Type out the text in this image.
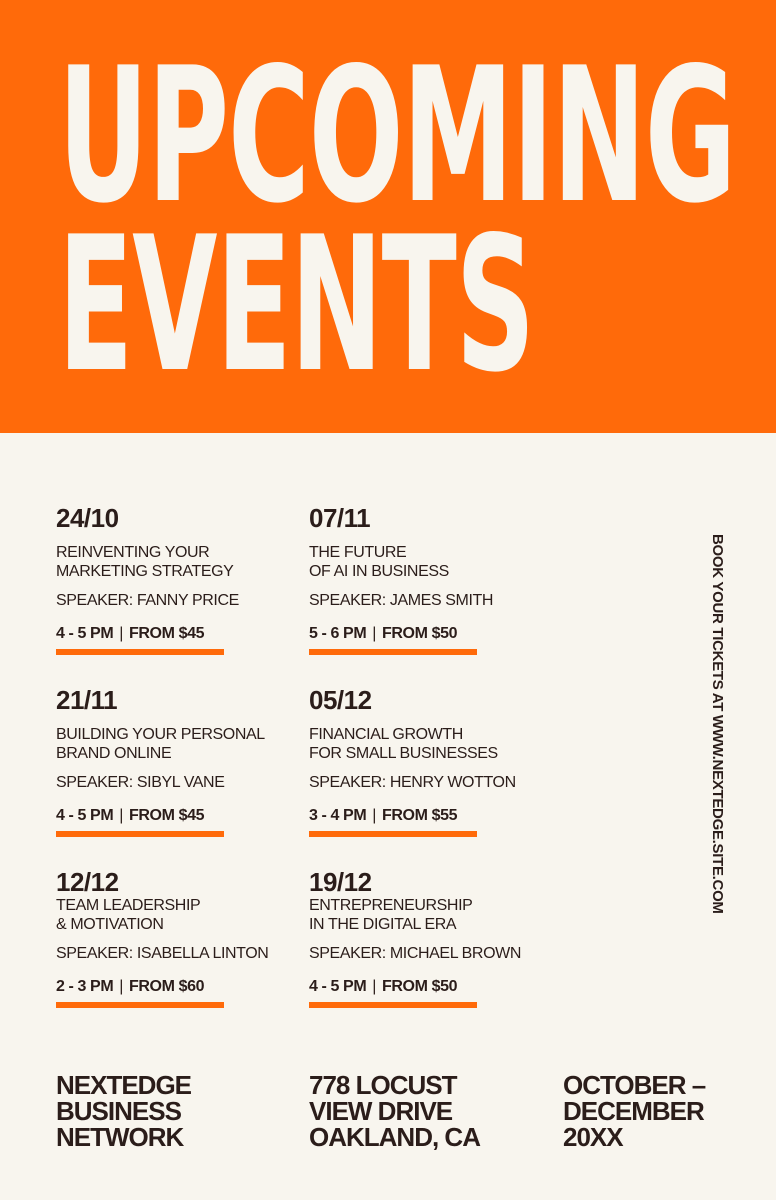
UPCOMING
EVENTS
24/10
REINVENTING YOUR
MARKETING STRATEGY
SPEAKER: FANNY PRICE
4 - 5 PM | FROM $45
07/11
THE FUTURE
OF AI IN BUSINESS
SPEAKER: JAMES SMITH
5 - 6 PM | FROM $50
21/11
BUILDING YOUR PERSONAL
BRAND ONLINE
SPEAKER: SIBYL VANE
4 - 5 PM | FROM $45
05/12
FINANCIAL GROWTH
FOR SMALL BUSINESSES
SPEAKER: HENRY WOTTON
3 - 4 PM | FROM $55
12/12
TEAM LEADERSHIP
& MOTIVATION
SPEAKER: ISABELLA LINTON
2 - 3 PM | FROM $60
19/12
ENTREPRENEURSHIP
IN THE DIGITAL ERA
SPEAKER: MICHAEL BROWN
4 - 5 PM | FROM $50
BOOK YOUR TICKETS AT WWW.NEXTEDGE.SITE.COM
NEXTEDGE
BUSINESS
NETWORK
778 LOCUST
VIEW DRIVE
OAKLAND, CA
OCTOBER –
DECEMBER
20XX
